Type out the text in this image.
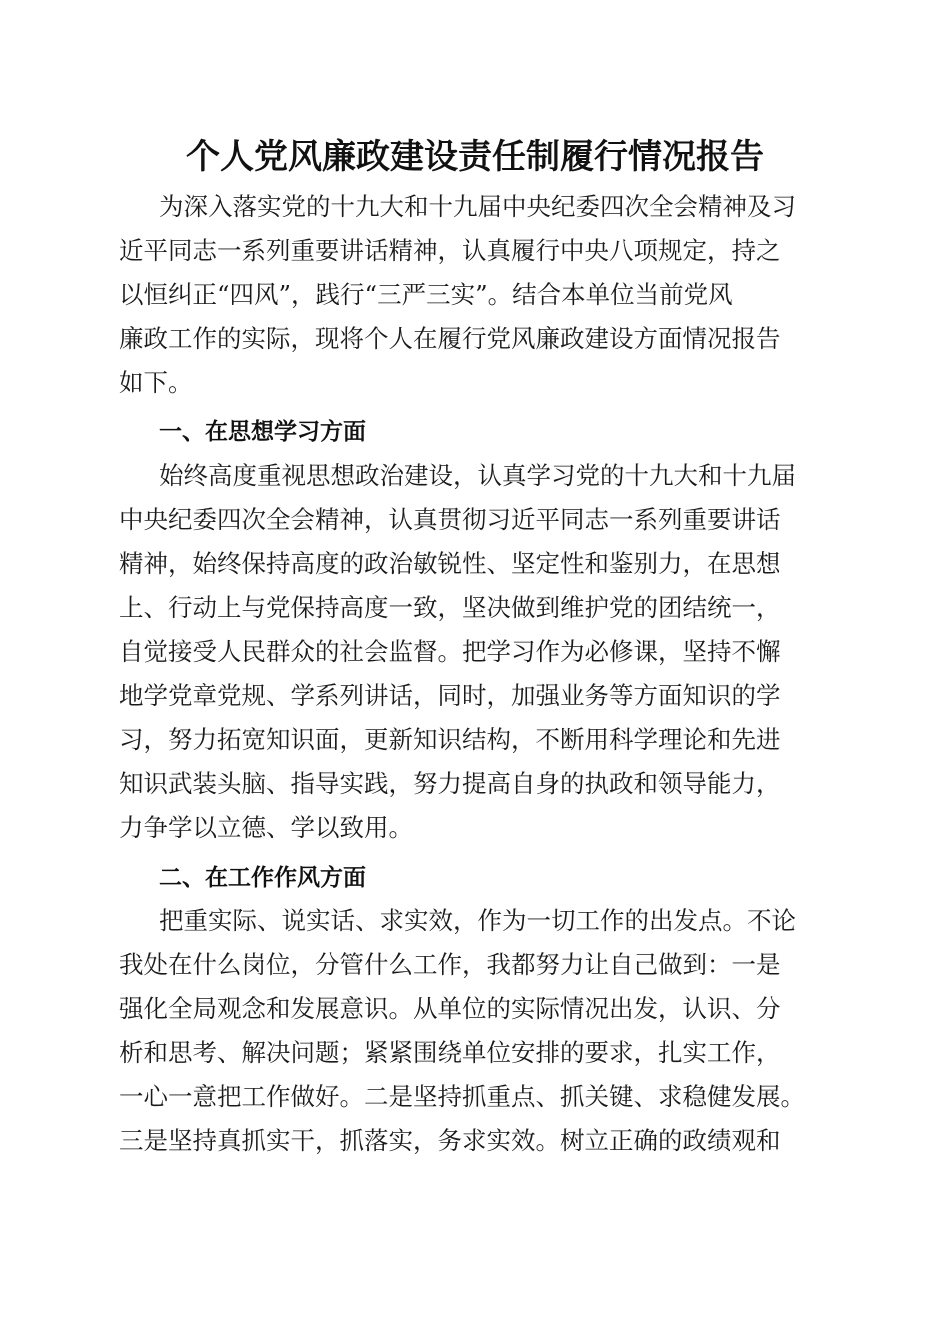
个人党风廉政建设责任制履行情况报告

为深入落实党的十九大和十九届中央纪委四次全会精神及习

近平同志一系列重要讲话精神，认真履行中央八项规定，持之

以恒纠正“四风”，践行“三严三实”。结合本单位当前党风

廉政工作的实际，现将个人在履行党风廉政建设方面情况报告

如下。

一、在思想学习方面

始终高度重视思想政治建设，认真学习党的十九大和十九届

中央纪委四次全会精神，认真贯彻习近平同志一系列重要讲话

精神，始终保持高度的政治敏锐性、坚定性和鉴别力，在思想

上、行动上与党保持高度一致，坚决做到维护党的团结统一，

自觉接受人民群众的社会监督。把学习作为必修课，坚持不懈

地学党章党规、学系列讲话，同时，加强业务等方面知识的学

习，努力拓宽知识面，更新知识结构，不断用科学理论和先进

知识武装头脑、指导实践，努力提高自身的执政和领导能力，

力争学以立德、学以致用。

二、在工作作风方面

把重实际、说实话、求实效，作为一切工作的出发点。不论

我处在什么岗位，分管什么工作，我都努力让自己做到：一是

强化全局观念和发展意识。从单位的实际情况出发，认识、分

析和思考、解决问题；紧紧围绕单位安排的要求，扎实工作，

一心一意把工作做好。二是坚持抓重点、抓关键、求稳健发展。

三是坚持真抓实干，抓落实，务求实效。树立正确的政绩观和
